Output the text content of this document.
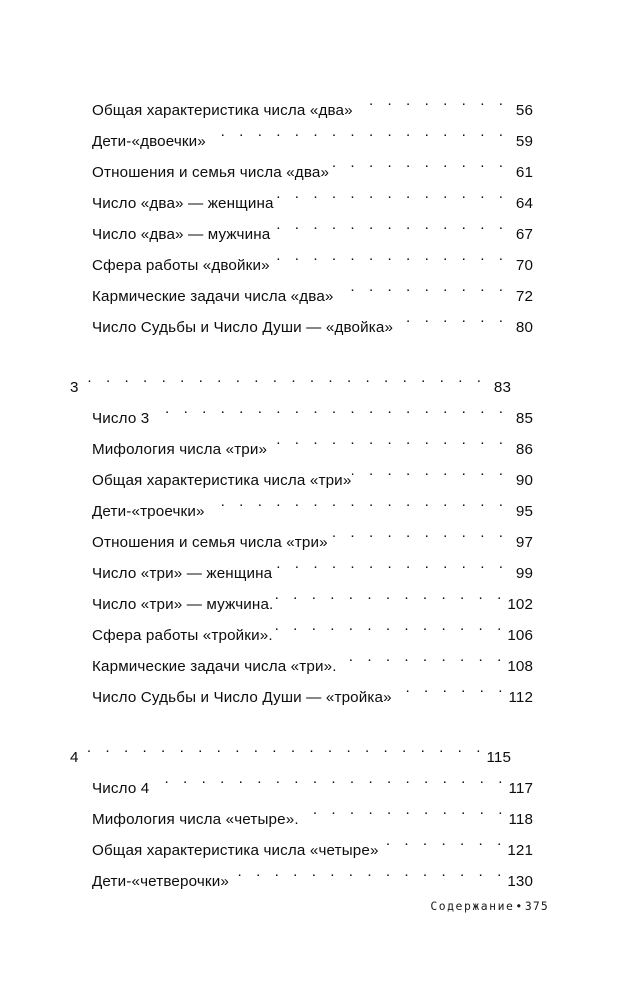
Общая характеристика числа «два» . . .	56
Дети-«двоечки» . . .	59
Отношения и семья числа «два» . . .	61
Число «два» — женщина . . .	64
Число «два» — мужчина . . .	67
Сфера работы «двойки» . . .	70
Кармические задачи числа «два» . . .	72
Число Судьбы и Число Души — «двойка» . . .	80
3 . . .	83
Число 3 . . .	85
Мифология числа «три» . . .	86
Общая характеристика числа «три» . . .	90
Дети-«троечки» . . .	95
Отношения и семья числа «три» . . .	97
Число «три» — женщина . . .	99
Число «три» — мужчина. . . .	102
Сфера работы «тройки». . . .	106
Кармические задачи числа «три». . . .	108
Число Судьбы и Число Души — «тройка» . . .	112
4 . . .	115
Число 4 . . .	117
Мифология числа «четыре». . . .	118
Общая характеристика числа «четыре» . . .	121
Дети-«четверочки» . . .	130
Содержание•375
